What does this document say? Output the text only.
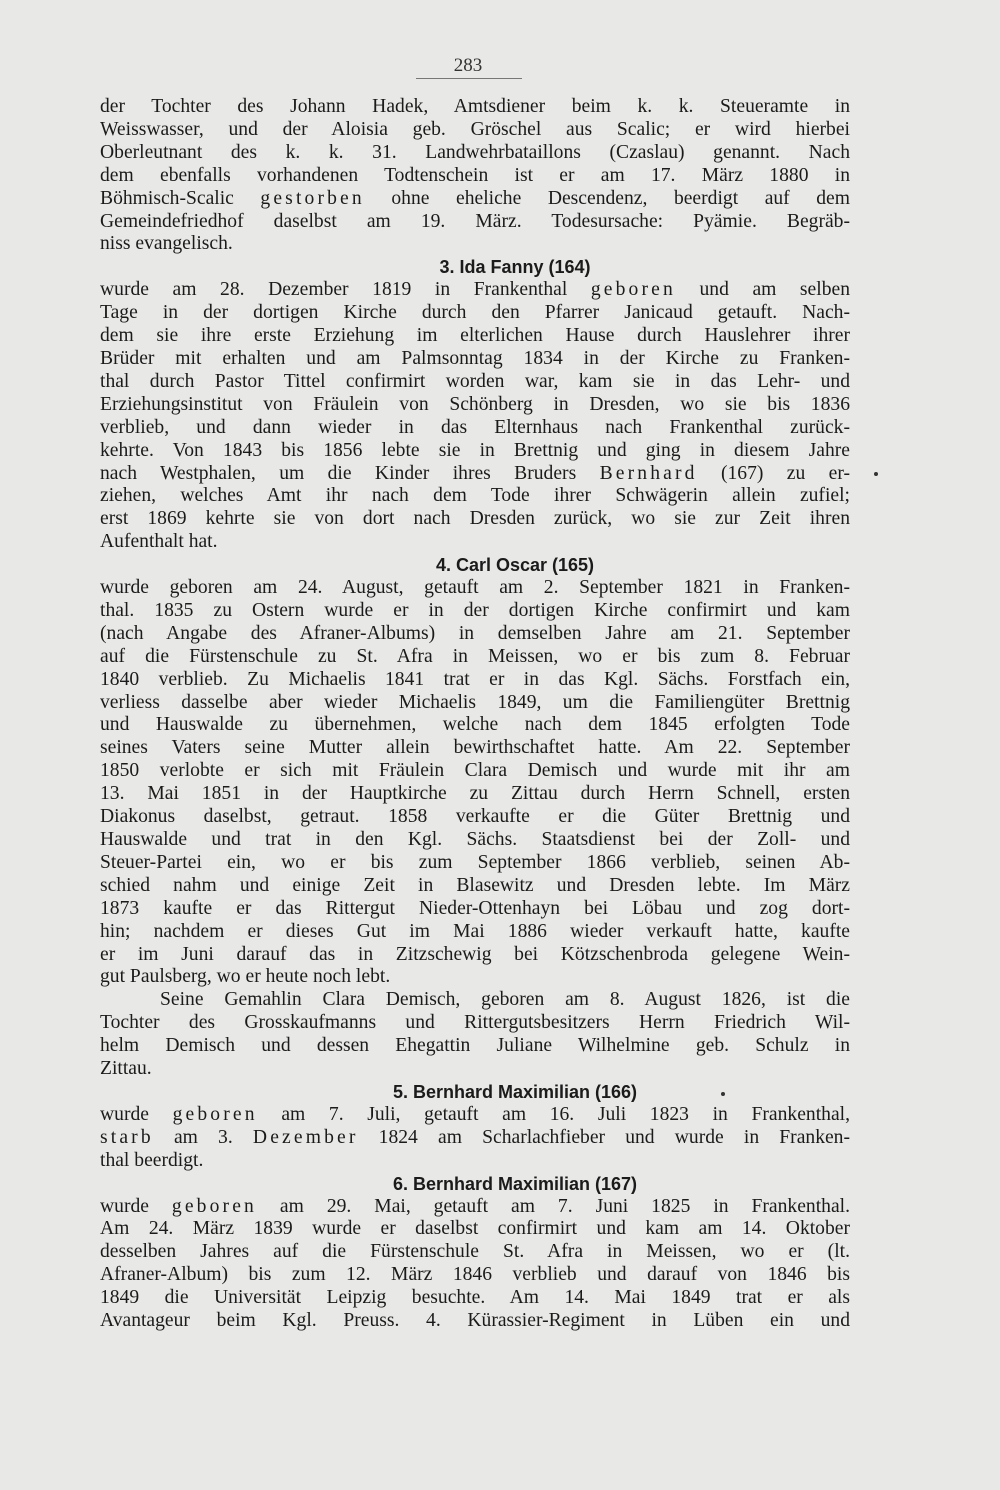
283
der Tochter des Johann Hadek, Amtsdiener beim k. k. Steueramte in
Weisswasser, und der Aloisia geb. Gröschel aus Scalic; er wird hierbei
Oberleutnant des k. k. 31. Landwehrbataillons (Czaslau) genannt. Nach
dem ebenfalls vorhandenen Todtenschein ist er am 17. März 1880 in
Böhmisch-Scalic gestorben ohne eheliche Descendenz, beerdigt auf dem
Gemeindefriedhof daselbst am 19. März. Todesursache: Pyämie. Begräb-
niss evangelisch.
3. Ida Fanny (164)
wurde am 28. Dezember 1819 in Frankenthal geboren und am selben
Tage in der dortigen Kirche durch den Pfarrer Janicaud getauft. Nach-
dem sie ihre erste Erziehung im elterlichen Hause durch Hauslehrer ihrer
Brüder mit erhalten und am Palmsonntag 1834 in der Kirche zu Franken-
thal durch Pastor Tittel confirmirt worden war, kam sie in das Lehr- und
Erziehungsinstitut von Fräulein von Schönberg in Dresden, wo sie bis 1836
verblieb, und dann wieder in das Elternhaus nach Frankenthal zurück-
kehrte. Von 1843 bis 1856 lebte sie in Brettnig und ging in diesem Jahre
nach Westphalen, um die Kinder ihres Bruders Bernhard (167) zu er-
ziehen, welches Amt ihr nach dem Tode ihrer Schwägerin allein zufiel;
erst 1869 kehrte sie von dort nach Dresden zurück, wo sie zur Zeit ihren
Aufenthalt hat.
4. Carl Oscar (165)
wurde geboren am 24. August, getauft am 2. September 1821 in Franken-
thal. 1835 zu Ostern wurde er in der dortigen Kirche confirmirt und kam
(nach Angabe des Afraner-Albums) in demselben Jahre am 21. September
auf die Fürstenschule zu St. Afra in Meissen, wo er bis zum 8. Februar
1840 verblieb. Zu Michaelis 1841 trat er in das Kgl. Sächs. Forstfach ein,
verliess dasselbe aber wieder Michaelis 1849, um die Familiengüter Brettnig
und Hauswalde zu übernehmen, welche nach dem 1845 erfolgten Tode
seines Vaters seine Mutter allein bewirthschaftet hatte. Am 22. September
1850 verlobte er sich mit Fräulein Clara Demisch und wurde mit ihr am
13. Mai 1851 in der Hauptkirche zu Zittau durch Herrn Schnell, ersten
Diakonus daselbst, getraut. 1858 verkaufte er die Güter Brettnig und
Hauswalde und trat in den Kgl. Sächs. Staatsdienst bei der Zoll- und
Steuer-Partei ein, wo er bis zum September 1866 verblieb, seinen Ab-
schied nahm und einige Zeit in Blasewitz und Dresden lebte. Im März
1873 kaufte er das Rittergut Nieder-Ottenhayn bei Löbau und zog dort-
hin; nachdem er dieses Gut im Mai 1886 wieder verkauft hatte, kaufte
er im Juni darauf das in Zitzschewig bei Kötzschenbroda gelegene Wein-
gut Paulsberg, wo er heute noch lebt.
Seine Gemahlin Clara Demisch, geboren am 8. August 1826, ist die
Tochter des Grosskaufmanns und Rittergutsbesitzers Herrn Friedrich Wil-
helm Demisch und dessen Ehegattin Juliane Wilhelmine geb. Schulz in
Zittau.
5. Bernhard Maximilian (166)
wurde geboren am 7. Juli, getauft am 16. Juli 1823 in Frankenthal,
starb am 3. Dezember 1824 am Scharlachfieber und wurde in Franken-
thal beerdigt.
6. Bernhard Maximilian (167)
wurde geboren am 29. Mai, getauft am 7. Juni 1825 in Frankenthal.
Am 24. März 1839 wurde er daselbst confirmirt und kam am 14. Oktober
desselben Jahres auf die Fürstenschule St. Afra in Meissen, wo er (lt.
Afraner-Album) bis zum 12. März 1846 verblieb und darauf von 1846 bis
1849 die Universität Leipzig besuchte. Am 14. Mai 1849 trat er als
Avantageur beim Kgl. Preuss. 4. Kürassier-Regiment in Lüben ein und
